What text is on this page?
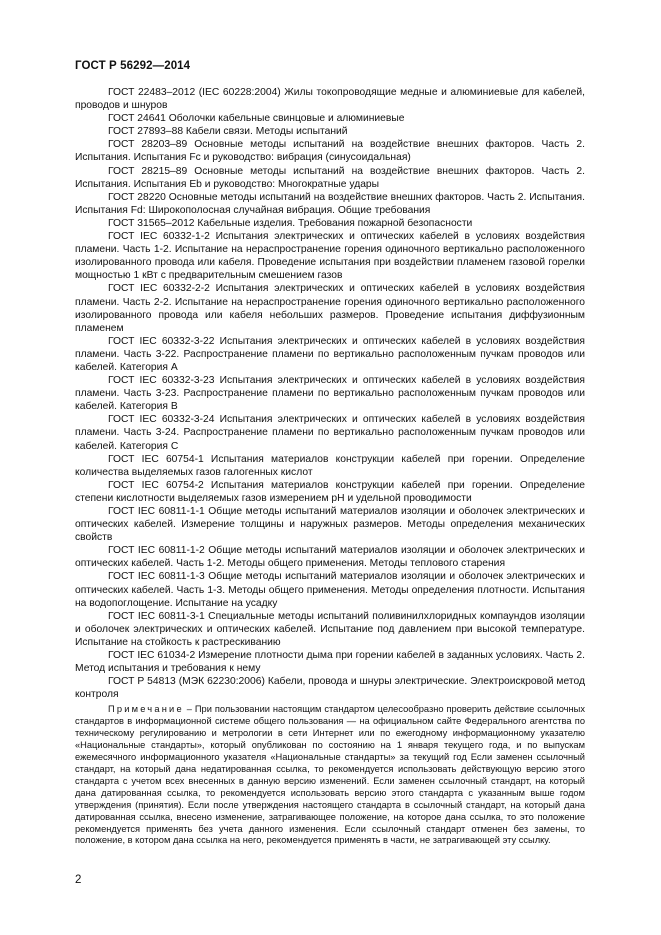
ГОСТ Р 56292—2014

ГОСТ 22483–2012 (IEC 60228:2004) Жилы токопроводящие медные и алюминиевые для кабелей, проводов и шнуров

ГОСТ 24641 Оболочки кабельные свинцовые и алюминиевые

ГОСТ 27893–88 Кабели связи. Методы испытаний

ГОСТ 28203–89 Основные методы испытаний на воздействие внешних факторов. Часть 2. Испытания. Испытания Fc и руководство: вибрация (синусоидальная)

ГОСТ 28215–89 Основные методы испытаний на воздействие внешних факторов. Часть 2. Испытания. Испытания Eb и руководство: Многократные удары

ГОСТ 28220 Основные методы испытаний на воздействие внешних факторов. Часть 2. Испытания. Испытания Fd: Широкополосная случайная вибрация. Общие требования

ГОСТ 31565–2012 Кабельные изделия. Требования пожарной безопасности

ГОСТ IEC 60332-1-2 Испытания электрических и оптических кабелей в условиях воздействия пламени. Часть 1-2. Испытание на нераспространение горения одиночного вертикально расположенного изолированного провода или кабеля. Проведение испытания при воздействии пламенем газовой горелки мощностью 1 кВт с предварительным смешением газов

ГОСТ IEC 60332-2-2 Испытания электрических и оптических кабелей в условиях воздействия пламени. Часть 2-2. Испытание на нераспространение горения одиночного вертикально расположенного изолированного провода или кабеля небольших размеров. Проведение испытания диффузионным пламенем

ГОСТ IEC 60332-3-22 Испытания электрических и оптических кабелей в условиях воздействия пламени. Часть 3-22. Распространение пламени по вертикально расположенным пучкам проводов или кабелей. Категория А

ГОСТ IEC 60332-3-23 Испытания электрических и оптических кабелей в условиях воздействия пламени. Часть 3-23. Распространение пламени по вертикально расположенным пучкам проводов или кабелей. Категория В

ГОСТ IEC 60332-3-24 Испытания электрических и оптических кабелей в условиях воздействия пламени. Часть 3-24. Распространение пламени по вертикально расположенным пучкам проводов или кабелей. Категория С

ГОСТ IEC 60754-1 Испытания материалов конструкции кабелей при горении. Определение количества выделяемых газов галогенных кислот

ГОСТ IEC 60754-2 Испытания материалов конструкции кабелей при горении. Определение степени кислотности выделяемых газов измерением pH и удельной проводимости

ГОСТ IEC 60811-1-1 Общие методы испытаний материалов изоляции и оболочек электрических и оптических кабелей. Измерение толщины и наружных размеров. Методы определения механических свойств

ГОСТ IEC 60811-1-2 Общие методы испытаний материалов изоляции и оболочек электрических и оптических кабелей. Часть 1-2. Методы общего применения. Методы теплового старения

ГОСТ IEC 60811-1-3 Общие методы испытаний материалов изоляции и оболочек электрических и оптических кабелей. Часть 1-3. Методы общего применения. Методы определения плотности. Испытания на водопоглощение. Испытание на усадку

ГОСТ IEC 60811-3-1 Специальные методы испытаний поливинилхлоридных компаундов изоляции и оболочек электрических и оптических кабелей. Испытание под давлением при высокой температуре. Испытание на стойкость к растрескиванию

ГОСТ IEC 61034-2 Измерение плотности дыма при горении кабелей в заданных условиях. Часть 2. Метод испытания и требования к нему

ГОСТ Р 54813 (МЭК 62230:2006) Кабели, провода и шнуры электрические. Электроискровой метод контроля

Примечание – При пользовании настоящим стандартом целесообразно проверить действие ссылочных стандартов в информационной системе общего пользования — на официальном сайте Федерального агентства по техническому регулированию и метрологии в сети Интернет или по ежегодному информационному указателю «Национальные стандарты», который опубликован по состоянию на 1 января текущего года, и по выпускам ежемесячного информационного указателя «Национальные стандарты» за текущий год Если заменен ссылочный стандарт, на который дана недатированная ссылка, то рекомендуется использовать действующую версию этого стандарта с учетом всех внесенных в данную версию изменений. Если заменен ссылочный стандарт, на который дана датированная ссылка, то рекомендуется использовать версию этого стандарта с указанным выше годом утверждения (принятия). Если после утверждения настоящего стандарта в ссылочный стандарт, на который дана датированная ссылка, внесено изменение, затрагивающее положение, на которое дана ссылка, то это положение рекомендуется применять без учета данного изменения. Если ссылочный стандарт отменен без замены, то положение, в котором дана ссылка на него, рекомендуется применять в части, не затрагивающей эту ссылку.

2
